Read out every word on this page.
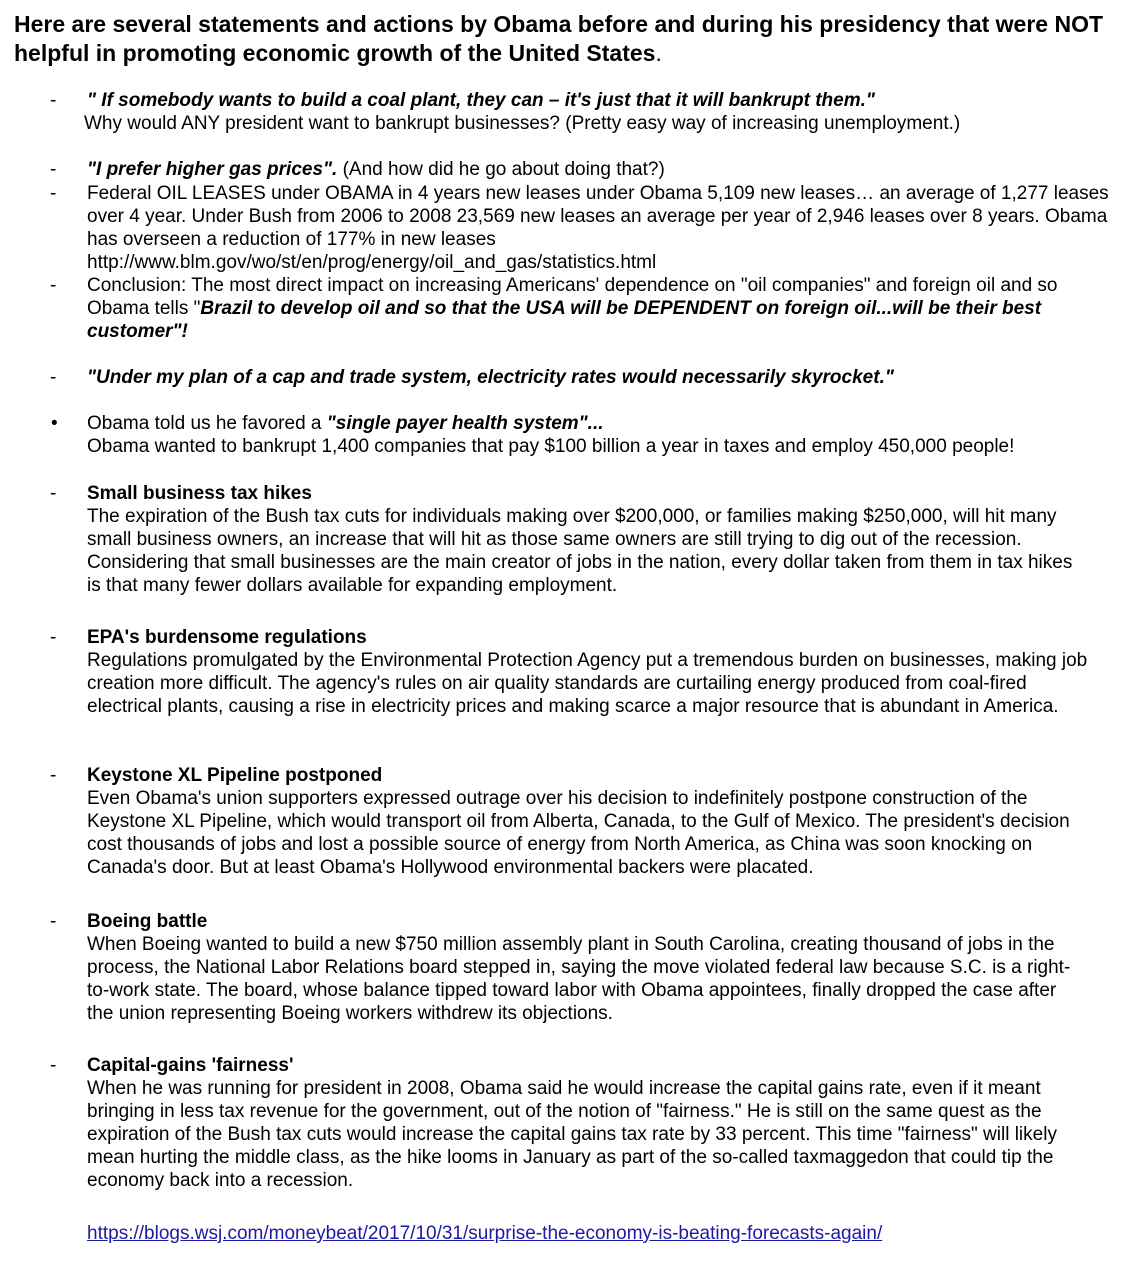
Here are several statements and actions by Obama before and during his presidency that were NOT helpful in promoting economic growth of the United States.
-	" If somebody wants to build a coal plant, they can – it's just that it will bankrupt them."
Why would ANY president want to bankrupt businesses? (Pretty easy way of increasing unemployment.)
-	"I prefer higher gas prices". (And how did he go about doing that?)
-	Federal OIL LEASES under OBAMA in 4 years new leases under Obama 5,109 new leases… an average of 1,277 leases over 4 year. Under Bush from 2006 to 2008 23,569 new leases an average per year of 2,946 leases over 8 years. Obama has overseen a reduction of 177% in new leases
http://www.blm.gov/wo/st/en/prog/energy/oil_and_gas/statistics.html
-	Conclusion: The most direct impact on increasing Americans' dependence on "oil companies" and foreign oil and so Obama tells "Brazil to develop oil and so that the USA will be DEPENDENT on foreign oil...will be their best customer"!
-	"Under my plan of a cap and trade system, electricity rates would necessarily skyrocket."
•	Obama told us he favored a "single payer health system"...
Obama wanted to bankrupt 1,400 companies that pay $100 billion a year in taxes and employ 450,000 people!
-	Small business tax hikes
The expiration of the Bush tax cuts for individuals making over $200,000, or families making $250,000, will hit many small business owners, an increase that will hit as those same owners are still trying to dig out of the recession. Considering that small businesses are the main creator of jobs in the nation, every dollar taken from them in tax hikes is that many fewer dollars available for expanding employment.
-	EPA's burdensome regulations
Regulations promulgated by the Environmental Protection Agency put a tremendous burden on businesses, making job creation more difficult. The agency's rules on air quality standards are curtailing energy produced from coal-fired electrical plants, causing a rise in electricity prices and making scarce a major resource that is abundant in America.
-	Keystone XL Pipeline postponed
Even Obama's union supporters expressed outrage over his decision to indefinitely postpone construction of the Keystone XL Pipeline, which would transport oil from Alberta, Canada, to the Gulf of Mexico. The president's decision cost thousands of jobs and lost a possible source of energy from North America, as China was soon knocking on Canada's door. But at least Obama's Hollywood environmental backers were placated.
-	Boeing battle
When Boeing wanted to build a new $750 million assembly plant in South Carolina, creating thousand of jobs in the process, the National Labor Relations board stepped in, saying the move violated federal law because S.C. is a right-to-work state. The board, whose balance tipped toward labor with Obama appointees, finally dropped the case after the union representing Boeing workers withdrew its objections.
-	Capital-gains 'fairness'
When he was running for president in 2008, Obama said he would increase the capital gains rate, even if it meant bringing in less tax revenue for the government, out of the notion of "fairness." He is still on the same quest as the expiration of the Bush tax cuts would increase the capital gains tax rate by 33 percent. This time "fairness" will likely mean hurting the middle class, as the hike looms in January as part of the so-called taxmaggedon that could tip the economy back into a recession.
https://blogs.wsj.com/moneybeat/2017/10/31/surprise-the-economy-is-beating-forecasts-again/
